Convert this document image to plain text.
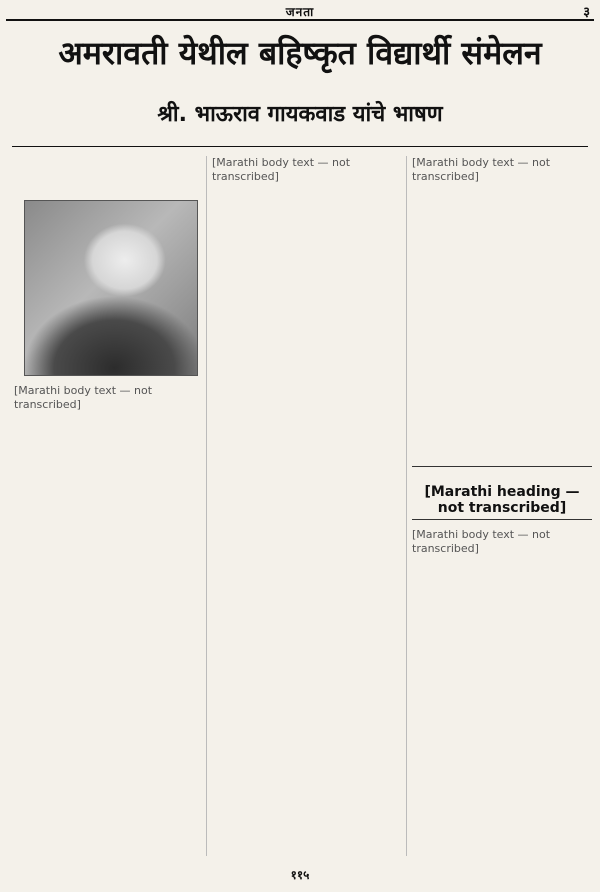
जनता	३
अमरावती येथील बहिष्कृत विद्यार्थी संमेलन
श्री. भाऊराव गायकवाड यांचे भाषण
[Marathi body text — not transcribed]
[Marathi body text — not transcribed]
[Marathi body text — not transcribed]
[Marathi heading — not transcribed]
[Marathi body text — not transcribed]
११५
